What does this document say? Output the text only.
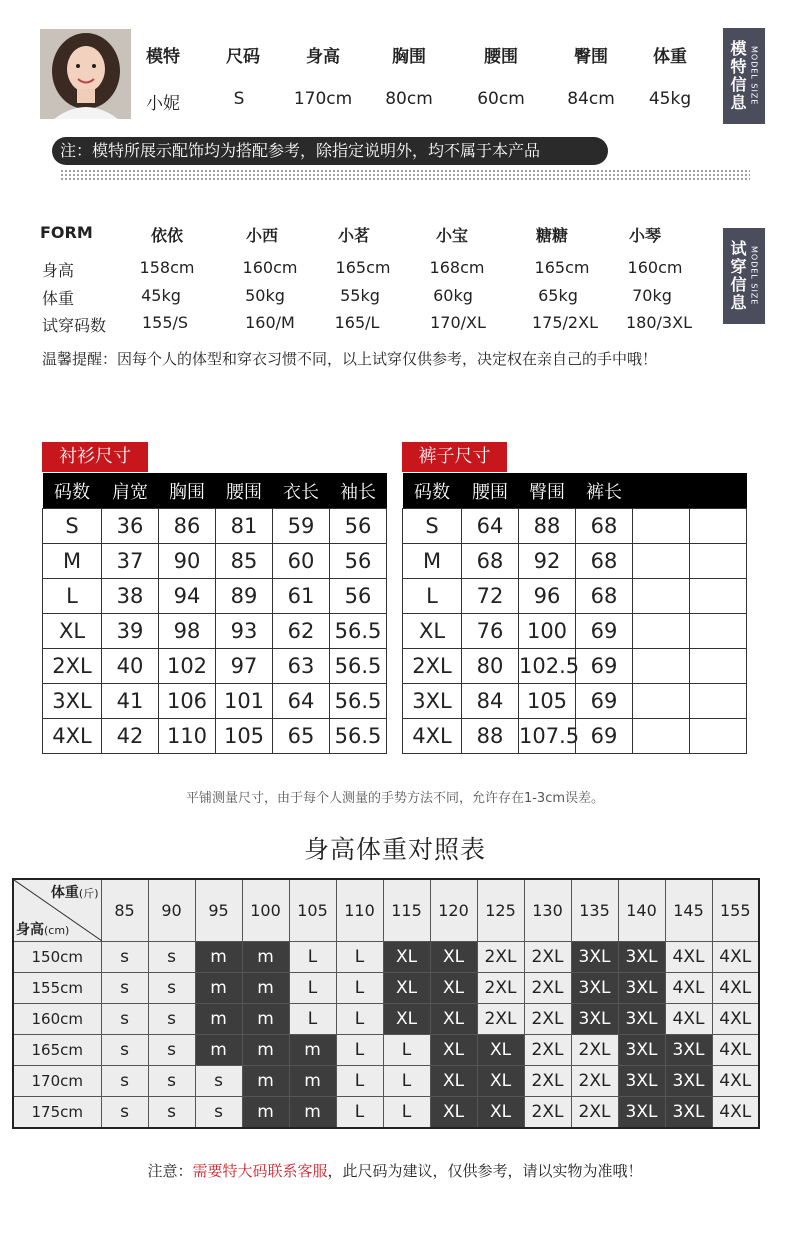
模特	尺码	身高	胸围	腰围	臀围	体重
小妮	S	170cm	80cm	60cm	84cm	45kg
模特信息 MODEL SIZE
注：模特所展示配饰均为搭配参考，除指定说明外，均不属于本产品
FORM	依依	小西	小茗	小宝	糖糖	小琴
身高	158cm	160cm	165cm	168cm	165cm	160cm
体重	45kg	50kg	55kg	60kg	65kg	70kg
试穿码数	155/S	160/M	165/L	170/XL	175/2XL	180/3XL
试穿信息 MODEL SIZE
温馨提醒：因每个人的体型和穿衣习惯不同，以上试穿仅供参考，决定权在亲自己的手中哦！
衬衫尺寸
码数	肩宽	胸围	腰围	衣长	袖长
S	36	86	81	59	56
M	37	90	85	60	56
L	38	94	89	61	56
XL	39	98	93	62	56.5
2XL	40	102	97	63	56.5
3XL	41	106	101	64	56.5
4XL	42	110	105	65	56.5
裤子尺寸
码数	腰围	臀围	裤长		
S	64	88	68		
M	68	92	68		
L	72	96	68		
XL	76	100	69		
2XL	80	102.5	69		
3XL	84	105	69		
4XL	88	107.5	69		
平铺测量尺寸，由于每个人测量的手势方法不同，允许存在1-3cm误差。
身高体重对照表
体重(斤)
身高(cm)	85	90	95	100	105	110	115	120	125	130	135	140	145	155
150cm	s	s	m	m	L	L	XL	XL	2XL	2XL	3XL	3XL	4XL	4XL
155cm	s	s	m	m	L	L	XL	XL	2XL	2XL	3XL	3XL	4XL	4XL
160cm	s	s	m	m	L	L	XL	XL	2XL	2XL	3XL	3XL	4XL	4XL
165cm	s	s	m	m	m	L	L	XL	XL	2XL	2XL	3XL	3XL	4XL
170cm	s	s	s	m	m	L	L	XL	XL	2XL	2XL	3XL	3XL	4XL
175cm	s	s	s	m	m	L	L	XL	XL	2XL	2XL	3XL	3XL	4XL
注意：需要特大码联系客服，此尺码为建议，仅供参考，请以实物为准哦！
